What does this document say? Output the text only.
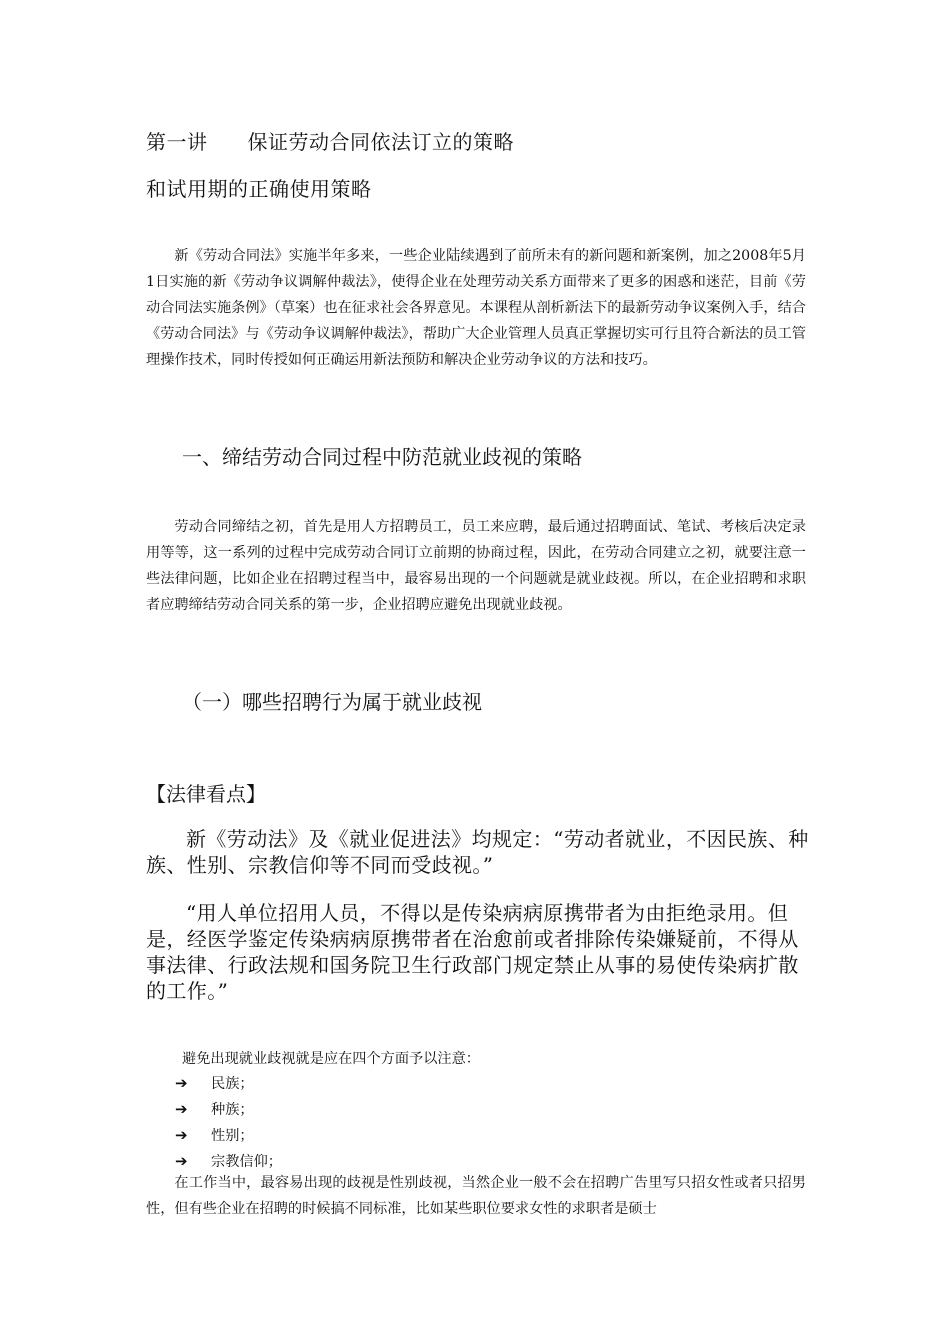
第一讲 保证劳动合同依法订立的策略
和试用期的正确使用策略

新《劳动合同法》实施半年多来，一些企业陆续遇到了前所未有的新问题和新案例，加之2008年5月1日实施的新《劳动争议调解仲裁法》，使得企业在处理劳动关系方面带来了更多的困惑和迷茫，目前《劳动合同法实施条例》（草案）也在征求社会各界意见。本课程从剖析新法下的最新劳动争议案例入手，结合《劳动合同法》与《劳动争议调解仲裁法》，帮助广大企业管理人员真正掌握切实可行且符合新法的员工管理操作技术，同时传授如何正确运用新法预防和解决企业劳动争议的方法和技巧。

一、缔结劳动合同过程中防范就业歧视的策略

劳动合同缔结之初，首先是用人方招聘员工，员工来应聘，最后通过招聘面试、笔试、考核后决定录用等等，这一系列的过程中完成劳动合同订立前期的协商过程，因此，在劳动合同建立之初，就要注意一些法律问题，比如企业在招聘过程当中，最容易出现的一个问题就是就业歧视。所以，在企业招聘和求职者应聘缔结劳动合同关系的第一步，企业招聘应避免出现就业歧视。

（一）哪些招聘行为属于就业歧视
【法律看点】

新《劳动法》及《就业促进法》均规定：“劳动者就业，不因民族、种族、性别、宗教信仰等不同而受歧视。”

“用人单位招用人员，不得以是传染病病原携带者为由拒绝录用。但是，经医学鉴定传染病病原携带者在治愈前或者排除传染嫌疑前，不得从事法律、行政法规和国务院卫生行政部门规定禁止从事的易使传染病扩散的工作。”

避免出现就业歧视就是应在四个方面予以注意：
➔ 民族；
➔ 种族；
➔ 性别；
➔ 宗教信仰；

在工作当中，最容易出现的歧视是性别歧视，当然企业一般不会在招聘广告里写只招女性或者只招男性，但有些企业在招聘的时候搞不同标准，比如某些职位要求女性的求职者是硕士
